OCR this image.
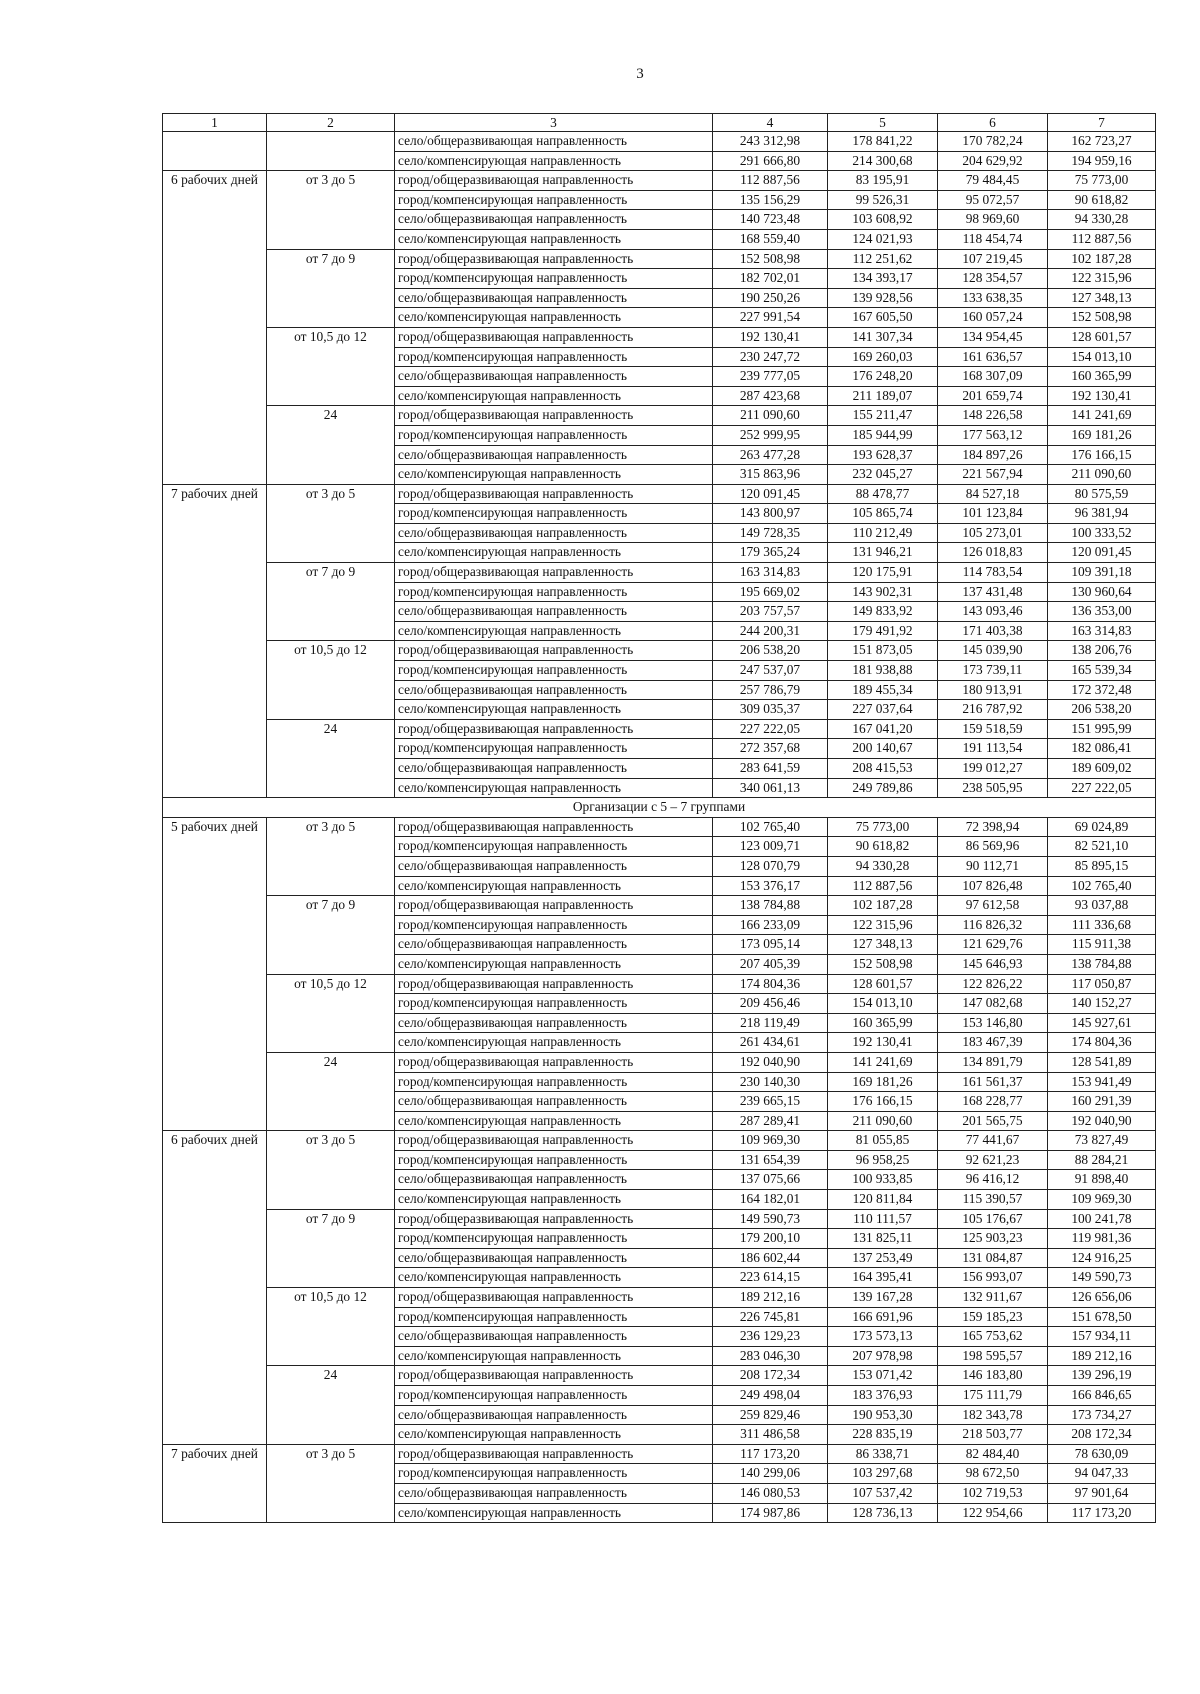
3
1	2	3	4	5	6	7
		село/общеразвивающая направленность	243 312,98	178 841,22	170 782,24	162 723,27
		село/компенсирующая направленность	291 666,80	214 300,68	204 629,92	194 959,16
6 рабочих дней	от 3 до 5	город/общеразвивающая направленность	112 887,56	83 195,91	79 484,45	75 773,00
		город/компенсирующая направленность	135 156,29	99 526,31	95 072,57	90 618,82
		село/общеразвивающая направленность	140 723,48	103 608,92	98 969,60	94 330,28
		село/компенсирующая направленность	168 559,40	124 021,93	118 454,74	112 887,56
	от 7 до 9	город/общеразвивающая направленность	152 508,98	112 251,62	107 219,45	102 187,28
		город/компенсирующая направленность	182 702,01	134 393,17	128 354,57	122 315,96
		село/общеразвивающая направленность	190 250,26	139 928,56	133 638,35	127 348,13
		село/компенсирующая направленность	227 991,54	167 605,50	160 057,24	152 508,98
	от 10,5 до 12	город/общеразвивающая направленность	192 130,41	141 307,34	134 954,45	128 601,57
		город/компенсирующая направленность	230 247,72	169 260,03	161 636,57	154 013,10
		село/общеразвивающая направленность	239 777,05	176 248,20	168 307,09	160 365,99
		село/компенсирующая направленность	287 423,68	211 189,07	201 659,74	192 130,41
	24	город/общеразвивающая направленность	211 090,60	155 211,47	148 226,58	141 241,69
		город/компенсирующая направленность	252 999,95	185 944,99	177 563,12	169 181,26
		село/общеразвивающая направленность	263 477,28	193 628,37	184 897,26	176 166,15
		село/компенсирующая направленность	315 863,96	232 045,27	221 567,94	211 090,60
7 рабочих дней	от 3 до 5	город/общеразвивающая направленность	120 091,45	88 478,77	84 527,18	80 575,59
		город/компенсирующая направленность	143 800,97	105 865,74	101 123,84	96 381,94
		село/общеразвивающая направленность	149 728,35	110 212,49	105 273,01	100 333,52
		село/компенсирующая направленность	179 365,24	131 946,21	126 018,83	120 091,45
	от 7 до 9	город/общеразвивающая направленность	163 314,83	120 175,91	114 783,54	109 391,18
		город/компенсирующая направленность	195 669,02	143 902,31	137 431,48	130 960,64
		село/общеразвивающая направленность	203 757,57	149 833,92	143 093,46	136 353,00
		село/компенсирующая направленность	244 200,31	179 491,92	171 403,38	163 314,83
	от 10,5 до 12	город/общеразвивающая направленность	206 538,20	151 873,05	145 039,90	138 206,76
		город/компенсирующая направленность	247 537,07	181 938,88	173 739,11	165 539,34
		село/общеразвивающая направленность	257 786,79	189 455,34	180 913,91	172 372,48
		село/компенсирующая направленность	309 035,37	227 037,64	216 787,92	206 538,20
	24	город/общеразвивающая направленность	227 222,05	167 041,20	159 518,59	151 995,99
		город/компенсирующая направленность	272 357,68	200 140,67	191 113,54	182 086,41
		село/общеразвивающая направленность	283 641,59	208 415,53	199 012,27	189 609,02
		село/компенсирующая направленность	340 061,13	249 789,86	238 505,95	227 222,05
Организации с 5 – 7 группами						
5 рабочих дней	от 3 до 5	город/общеразвивающая направленность	102 765,40	75 773,00	72 398,94	69 024,89
		город/компенсирующая направленность	123 009,71	90 618,82	86 569,96	82 521,10
		село/общеразвивающая направленность	128 070,79	94 330,28	90 112,71	85 895,15
		село/компенсирующая направленность	153 376,17	112 887,56	107 826,48	102 765,40
	от 7 до 9	город/общеразвивающая направленность	138 784,88	102 187,28	97 612,58	93 037,88
		город/компенсирующая направленность	166 233,09	122 315,96	116 826,32	111 336,68
		село/общеразвивающая направленность	173 095,14	127 348,13	121 629,76	115 911,38
		село/компенсирующая направленность	207 405,39	152 508,98	145 646,93	138 784,88
	от 10,5 до 12	город/общеразвивающая направленность	174 804,36	128 601,57	122 826,22	117 050,87
		город/компенсирующая направленность	209 456,46	154 013,10	147 082,68	140 152,27
		село/общеразвивающая направленность	218 119,49	160 365,99	153 146,80	145 927,61
		село/компенсирующая направленность	261 434,61	192 130,41	183 467,39	174 804,36
	24	город/общеразвивающая направленность	192 040,90	141 241,69	134 891,79	128 541,89
		город/компенсирующая направленность	230 140,30	169 181,26	161 561,37	153 941,49
		село/общеразвивающая направленность	239 665,15	176 166,15	168 228,77	160 291,39
		село/компенсирующая направленность	287 289,41	211 090,60	201 565,75	192 040,90
6 рабочих дней	от 3 до 5	город/общеразвивающая направленность	109 969,30	81 055,85	77 441,67	73 827,49
		город/компенсирующая направленность	131 654,39	96 958,25	92 621,23	88 284,21
		село/общеразвивающая направленность	137 075,66	100 933,85	96 416,12	91 898,40
		село/компенсирующая направленность	164 182,01	120 811,84	115 390,57	109 969,30
	от 7 до 9	город/общеразвивающая направленность	149 590,73	110 111,57	105 176,67	100 241,78
		город/компенсирующая направленность	179 200,10	131 825,11	125 903,23	119 981,36
		село/общеразвивающая направленность	186 602,44	137 253,49	131 084,87	124 916,25
		село/компенсирующая направленность	223 614,15	164 395,41	156 993,07	149 590,73
	от 10,5 до 12	город/общеразвивающая направленность	189 212,16	139 167,28	132 911,67	126 656,06
		город/компенсирующая направленность	226 745,81	166 691,96	159 185,23	151 678,50
		село/общеразвивающая направленность	236 129,23	173 573,13	165 753,62	157 934,11
		село/компенсирующая направленность	283 046,30	207 978,98	198 595,57	189 212,16
	24	город/общеразвивающая направленность	208 172,34	153 071,42	146 183,80	139 296,19
		город/компенсирующая направленность	249 498,04	183 376,93	175 111,79	166 846,65
		село/общеразвивающая направленность	259 829,46	190 953,30	182 343,78	173 734,27
		село/компенсирующая направленность	311 486,58	228 835,19	218 503,77	208 172,34
7 рабочих дней	от 3 до 5	город/общеразвивающая направленность	117 173,20	86 338,71	82 484,40	78 630,09
		город/компенсирующая направленность	140 299,06	103 297,68	98 672,50	94 047,33
		село/общеразвивающая направленность	146 080,53	107 537,42	102 719,53	97 901,64
		село/компенсирующая направленность	174 987,86	128 736,13	122 954,66	117 173,20
